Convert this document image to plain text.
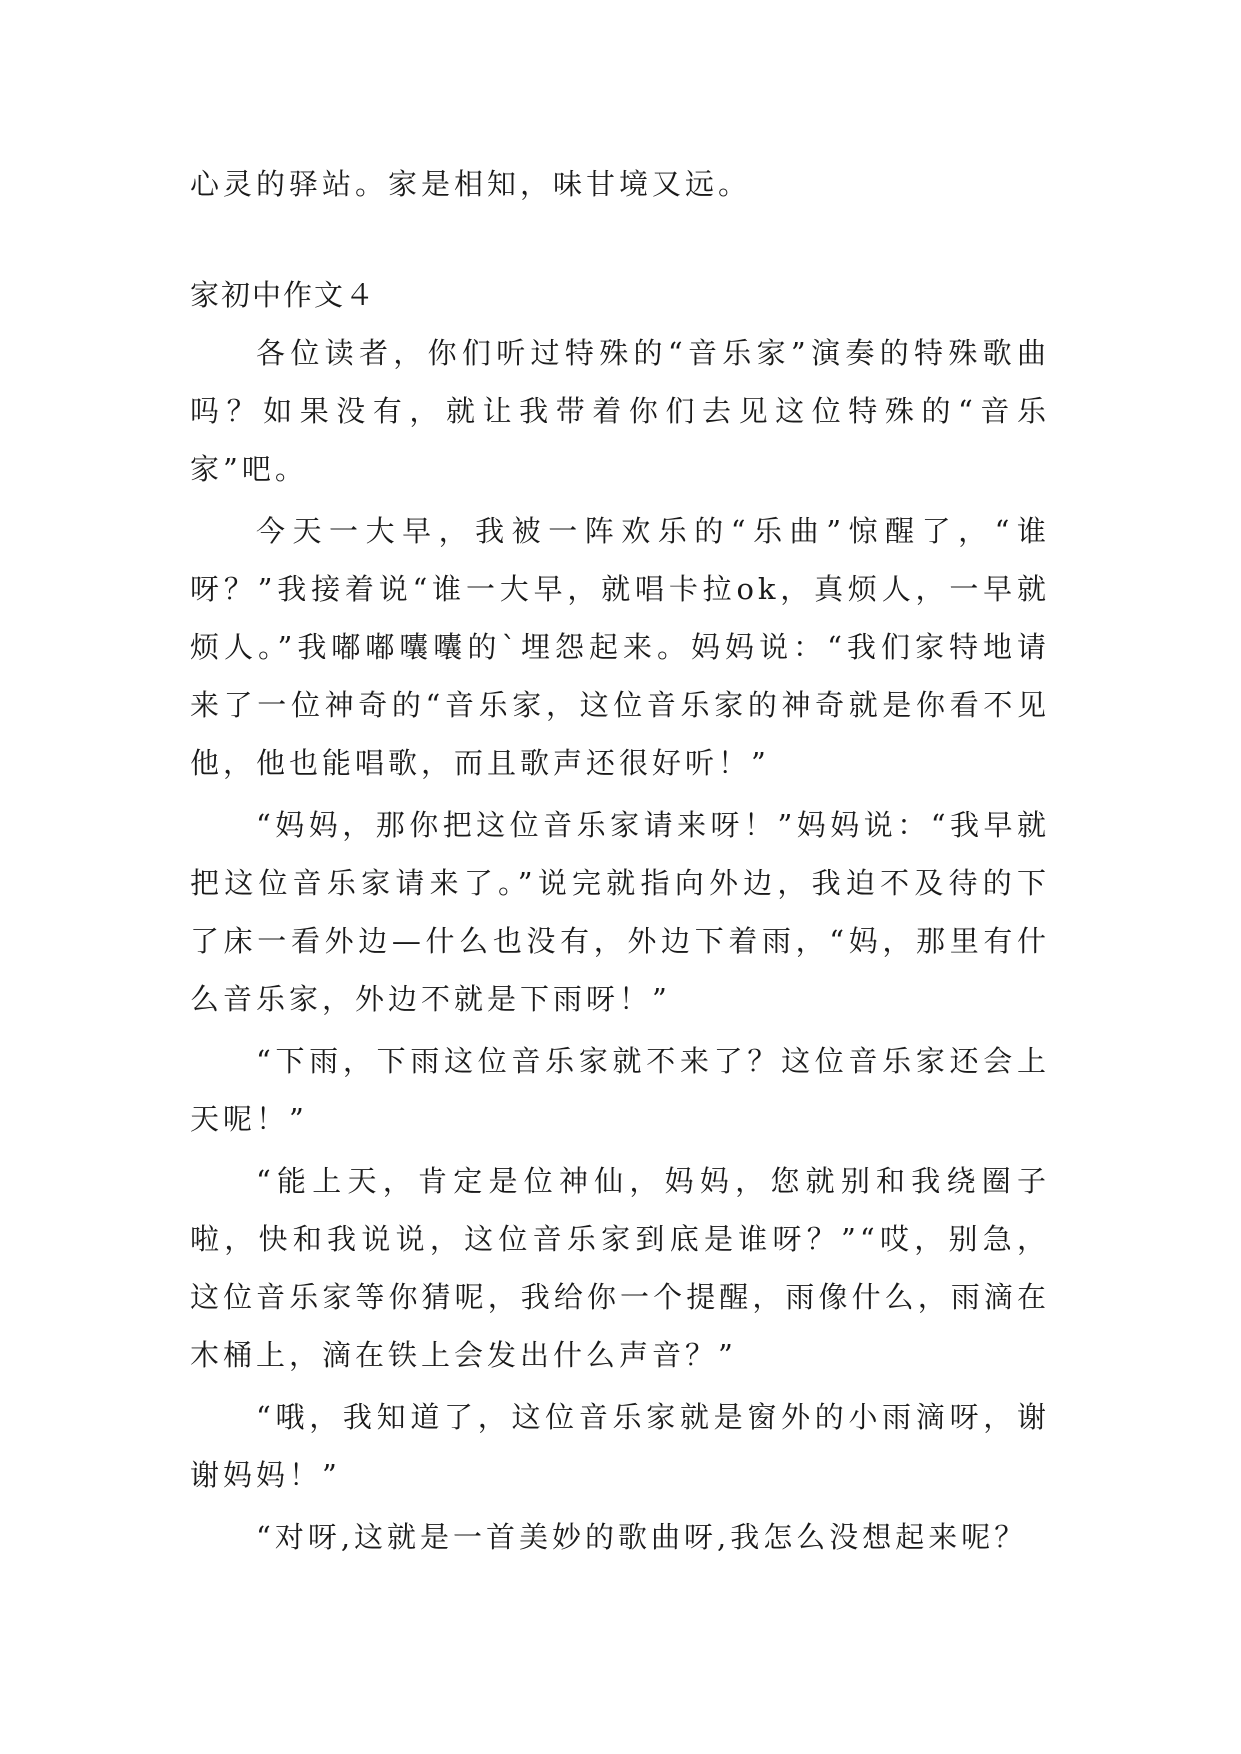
心灵的驿站。家是相知，味甘境又远。
家初中作文４

各位读者，你们听过特殊的“音乐家”演奏的特殊歌曲吗？如果没有，就让我带着你们去见这位特殊的“音乐家”吧。

今天一大早，我被一阵欢乐的“乐曲”惊醒了，“谁呀？”我接着说“谁一大早，就唱卡拉ok，真烦人，一早就烦人。”我嘟嘟囔囔的`埋怨起来。妈妈说：“我们家特地请来了一位神奇的“音乐家，这位音乐家的神奇就是你看不见他，他也能唱歌，而且歌声还很好听！”

“妈妈，那你把这位音乐家请来呀！”妈妈说：“我早就把这位音乐家请来了。”说完就指向外边，我迫不及待的下了床一看外边—什么也没有，外边下着雨，“妈，那里有什么音乐家，外边不就是下雨呀！”

“下雨，下雨这位音乐家就不来了？这位音乐家还会上天呢！”

“能上天，肯定是位神仙，妈妈，您就别和我绕圈子啦，快和我说说，这位音乐家到底是谁呀？”“哎，别急，这位音乐家等你猜呢，我给你一个提醒，雨像什么，雨滴在木桶上，滴在铁上会发出什么声音？”

“哦，我知道了，这位音乐家就是窗外的小雨滴呀，谢谢妈妈！”

“对呀,这就是一首美妙的歌曲呀,我怎么没想起来呢？
